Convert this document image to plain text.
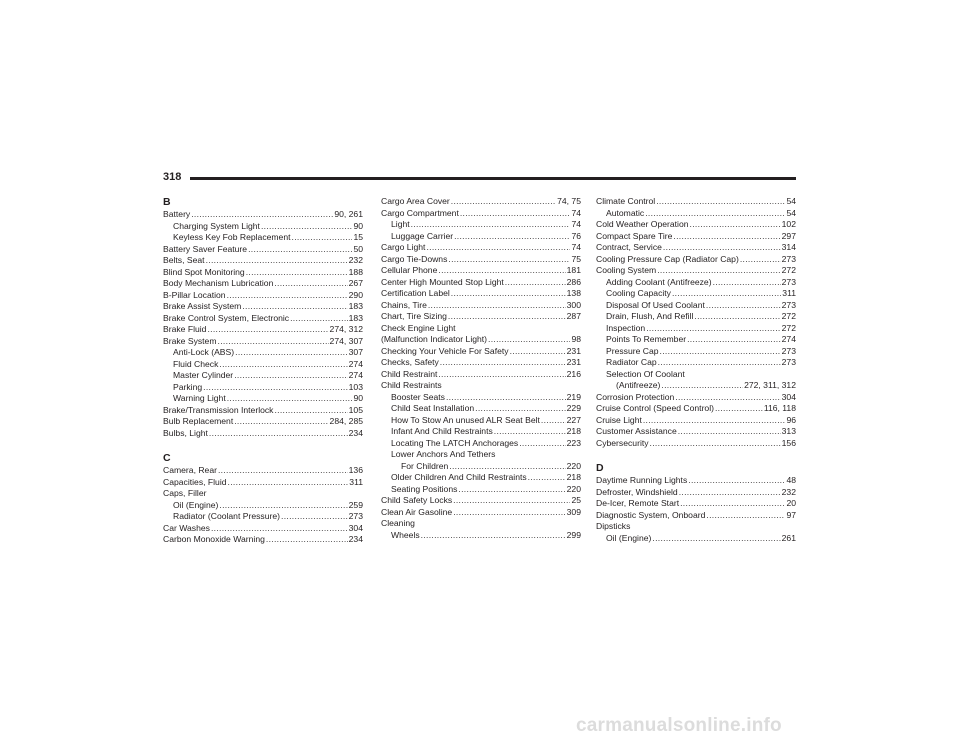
318
B
Battery .....	90, 261
Charging System Light .....	90
Keyless Key Fob Replacement .....	15
Battery Saver Feature .....	50
Belts, Seat .....	232
Blind Spot Monitoring .....	188
Body Mechanism Lubrication .....	267
B-Pillar Location .....	290
Brake Assist System .....	183
Brake Control System, Electronic .....	183
Brake Fluid .....	274, 312
Brake System .....	274, 307
Anti-Lock (ABS) .....	307
Fluid Check .....	274
Master Cylinder .....	274
Parking .....	103
Warning Light .....	90
Brake/Transmission Interlock .....	105
Bulb Replacement .....	284, 285
Bulbs, Light .....	234
C
Camera, Rear .....	136
Capacities, Fluid .....	311
Caps, Filler
Oil (Engine) .....	259
Radiator (Coolant Pressure) .....	273
Car Washes .....	304
Carbon Monoxide Warning .....	234
Cargo Area Cover .....	74, 75
Cargo Compartment .....	74
Light .....	74
Luggage Carrier .....	76
Cargo Light .....	74
Cargo Tie-Downs .....	75
Cellular Phone .....	181
Center High Mounted Stop Light .....	286
Certification Label .....	138
Chains, Tire .....	300
Chart, Tire Sizing .....	287
Check Engine Light
(Malfunction Indicator Light) .....	98
Checking Your Vehicle For Safety .....	231
Checks, Safety .....	231
Child Restraint .....	216
Child Restraints
Booster Seats .....	219
Child Seat Installation .....	229
How To Stow An unused ALR Seat Belt .....	227
Infant And Child Restraints .....	218
Locating The LATCH Anchorages .....	223
Lower Anchors And Tethers
For Children .....	220
Older Children And Child Restraints .....	218
Seating Positions .....	220
Child Safety Locks .....	25
Clean Air Gasoline .....	309
Cleaning
Wheels .....	299
Climate Control .....	54
Automatic .....	54
Cold Weather Operation .....	102
Compact Spare Tire .....	297
Contract, Service .....	314
Cooling Pressure Cap (Radiator Cap) .....	273
Cooling System .....	272
Adding Coolant (Antifreeze) .....	273
Cooling Capacity .....	311
Disposal Of Used Coolant .....	273
Drain, Flush, And Refill .....	272
Inspection .....	272
Points To Remember .....	274
Pressure Cap .....	273
Radiator Cap .....	273
Selection Of Coolant
(Antifreeze) .....	272, 311, 312
Corrosion Protection .....	304
Cruise Control (Speed Control) .....	116, 118
Cruise Light .....	96
Customer Assistance .....	313
Cybersecurity .....	156
D
Daytime Running Lights .....	48
Defroster, Windshield .....	232
De-Icer, Remote Start .....	20
Diagnostic System, Onboard .....	97
Dipsticks
Oil (Engine) .....	261
carmanualsonline.info
